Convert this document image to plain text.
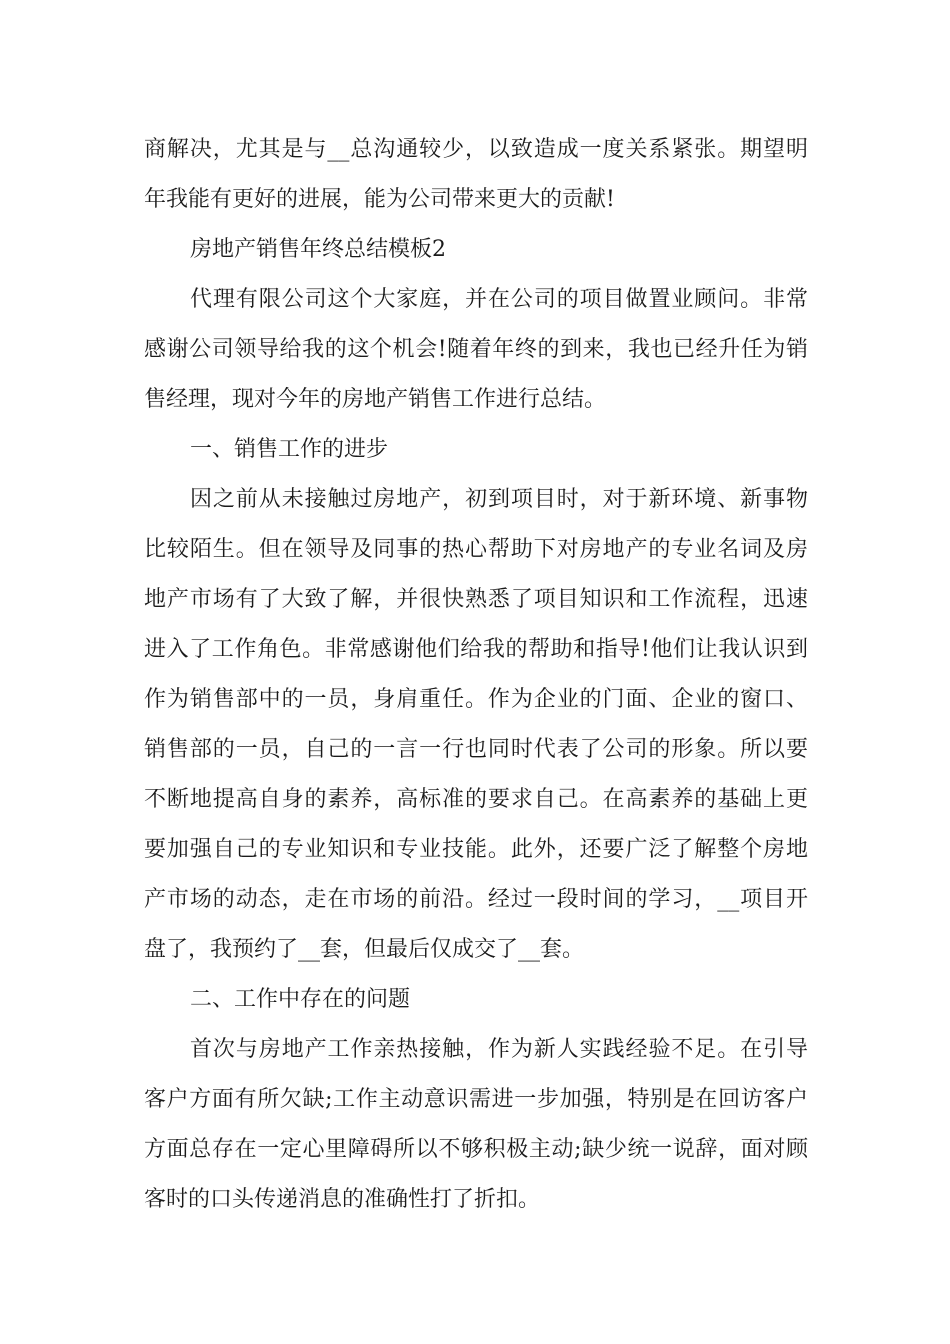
商解决，尤其是与__总沟通较少，以致造成一度关系紧张。期望明
年我能有更好的进展，能为公司带来更大的贡献!
房地产销售年终总结模板2
代理有限公司这个大家庭，并在公司的项目做置业顾问。非常
感谢公司领导给我的这个机会!随着年终的到来，我也已经升任为销
售经理，现对今年的房地产销售工作进行总结。
一、销售工作的进步
因之前从未接触过房地产，初到项目时，对于新环境、新事物
比较陌生。但在领导及同事的热心帮助下对房地产的专业名词及房
地产市场有了大致了解，并很快熟悉了项目知识和工作流程，迅速
进入了工作角色。非常感谢他们给我的帮助和指导!他们让我认识到
作为销售部中的一员，身肩重任。作为企业的门面、企业的窗口、
销售部的一员，自己的一言一行也同时代表了公司的形象。所以要
不断地提高自身的素养，高标准的要求自己。在高素养的基础上更
要加强自己的专业知识和专业技能。此外，还要广泛了解整个房地
产市场的动态，走在市场的前沿。经过一段时间的学习，__项目开
盘了，我预约了__套，但最后仅成交了__套。
二、工作中存在的问题
首次与房地产工作亲热接触，作为新人实践经验不足。在引导
客户方面有所欠缺;工作主动意识需进一步加强，特别是在回访客户
方面总存在一定心里障碍所以不够积极主动;缺少统一说辞，面对顾
客时的口头传递消息的准确性打了折扣。
